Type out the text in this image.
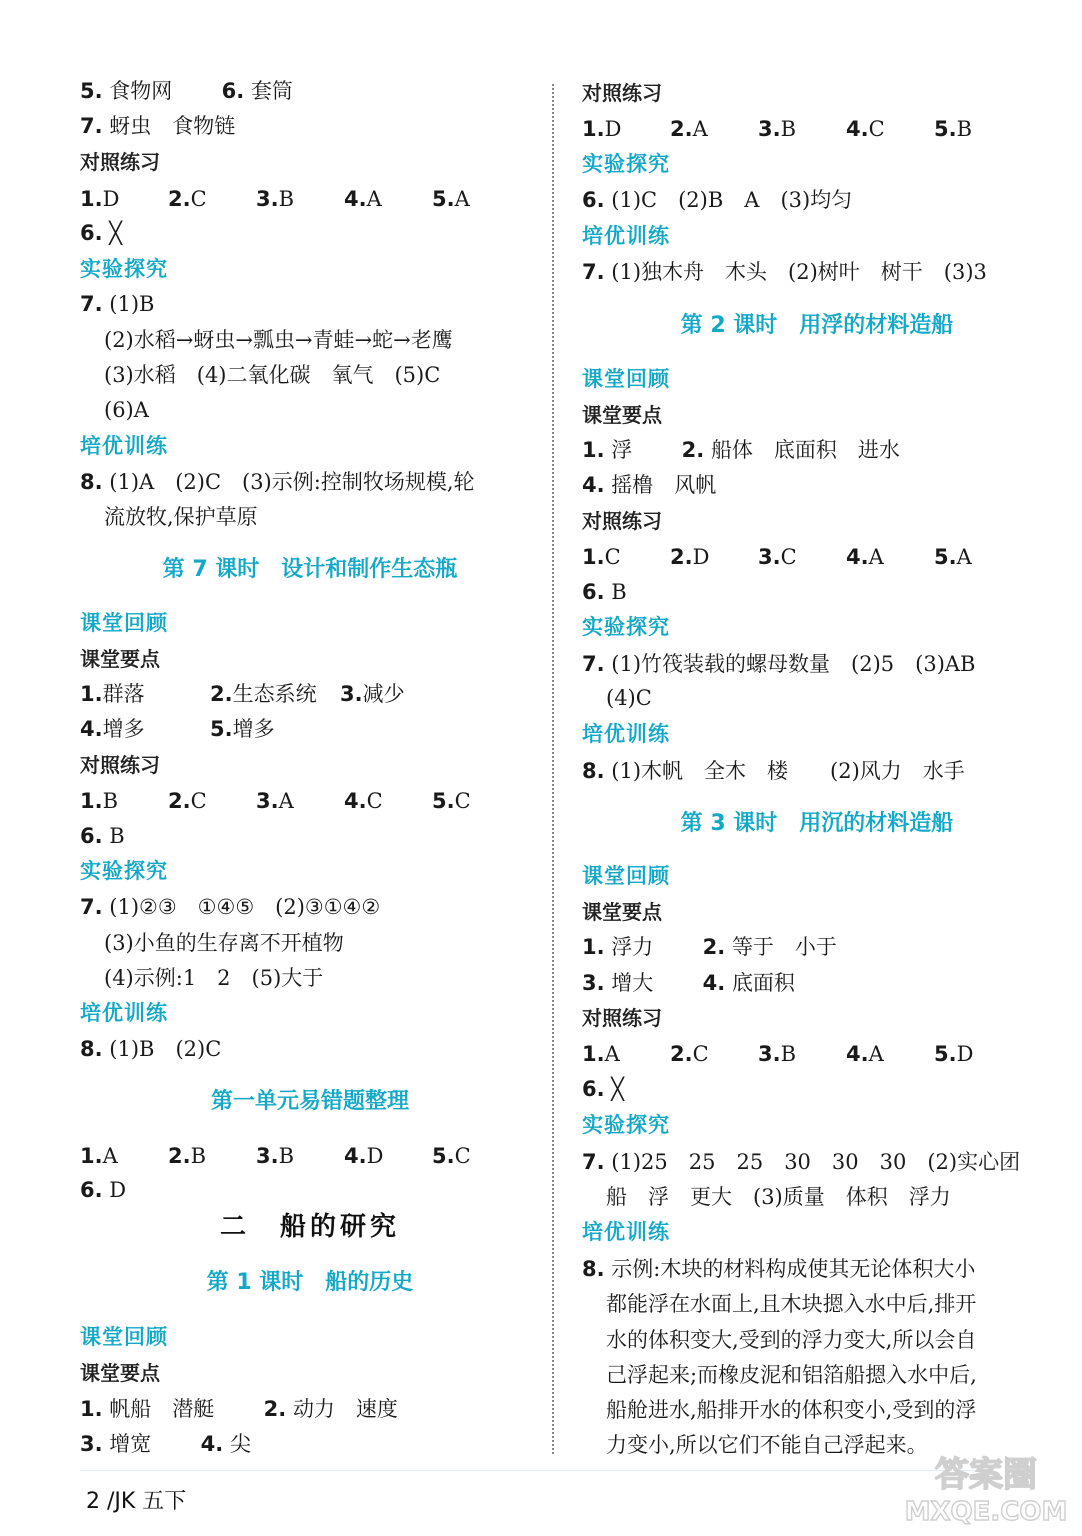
5. 食物网 6. 套筒
7. 蚜虫　食物链
对照练习
1.D 2.C 3.B 4.A 5.A
6. ╳
实验探究
7. (1)B
(2)水稻→蚜虫→瓢虫→青蛙→蛇→老鹰
(3)水稻　(4)二氧化碳　氧气　(5)C
(6)A
培优训练
8. (1)A　(2)C　(3)示例:控制牧场规模,轮
流放牧,保护草原
第 7 课时　设计和制作生态瓶
课堂回顾
课堂要点
1.群落	2.生态系统 3.减少
4.增多	5.增多
对照练习
1.B 2.C 3.A 4.C 5.C
6. B
实验探究
7. (1)②③　①④⑤　(2)③①④②
(3)小鱼的生存离不开植物
(4)示例:1　2　(5)大于
培优训练
8. (1)B　(2)C
第一单元易错题整理
1.A 2.B 3.B 4.D 5.C
6. D
二　船的研究
第 1 课时　船的历史
课堂回顾
课堂要点
1. 帆船　潜艇 2. 动力　速度
3. 增宽 4. 尖
对照练习
1.D 2.A 3.B 4.C 5.B
实验探究
6. (1)C　(2)B　A　(3)均匀
培优训练
7. (1)独木舟　木头　(2)树叶　树干　(3)3
第 2 课时　用浮的材料造船
课堂回顾
课堂要点
1. 浮 2. 船体　底面积　进水
4. 摇橹　风帆
对照练习
1.C 2.D 3.C 4.A 5.A
6. B
实验探究
7. (1)竹筏装载的螺母数量　(2)5　(3)AB
(4)C
培优训练
8. (1)木帆　全木　楼　　(2)风力　水手
第 3 课时　用沉的材料造船
课堂回顾
课堂要点
1. 浮力 2. 等于　小于
3. 增大 4. 底面积
对照练习
1.A 2.C 3.B 4.A 5.D
6. ╳
实验探究
7. (1)25　25　25　30　30　30　(2)实心团
船　浮　更大　(3)质量　体积　浮力
培优训练
8. 示例:木块的材料构成使其无论体积大小
都能浮在水面上,且木块摁入水中后,排开
水的体积变大,受到的浮力变大,所以会自
己浮起来;而橡皮泥和铝箔船摁入水中后,
船舱进水,船排开水的体积变小,受到的浮
力变小,所以它们不能自己浮起来。
2 /JK 五下
答案圈
MXQE.COM
